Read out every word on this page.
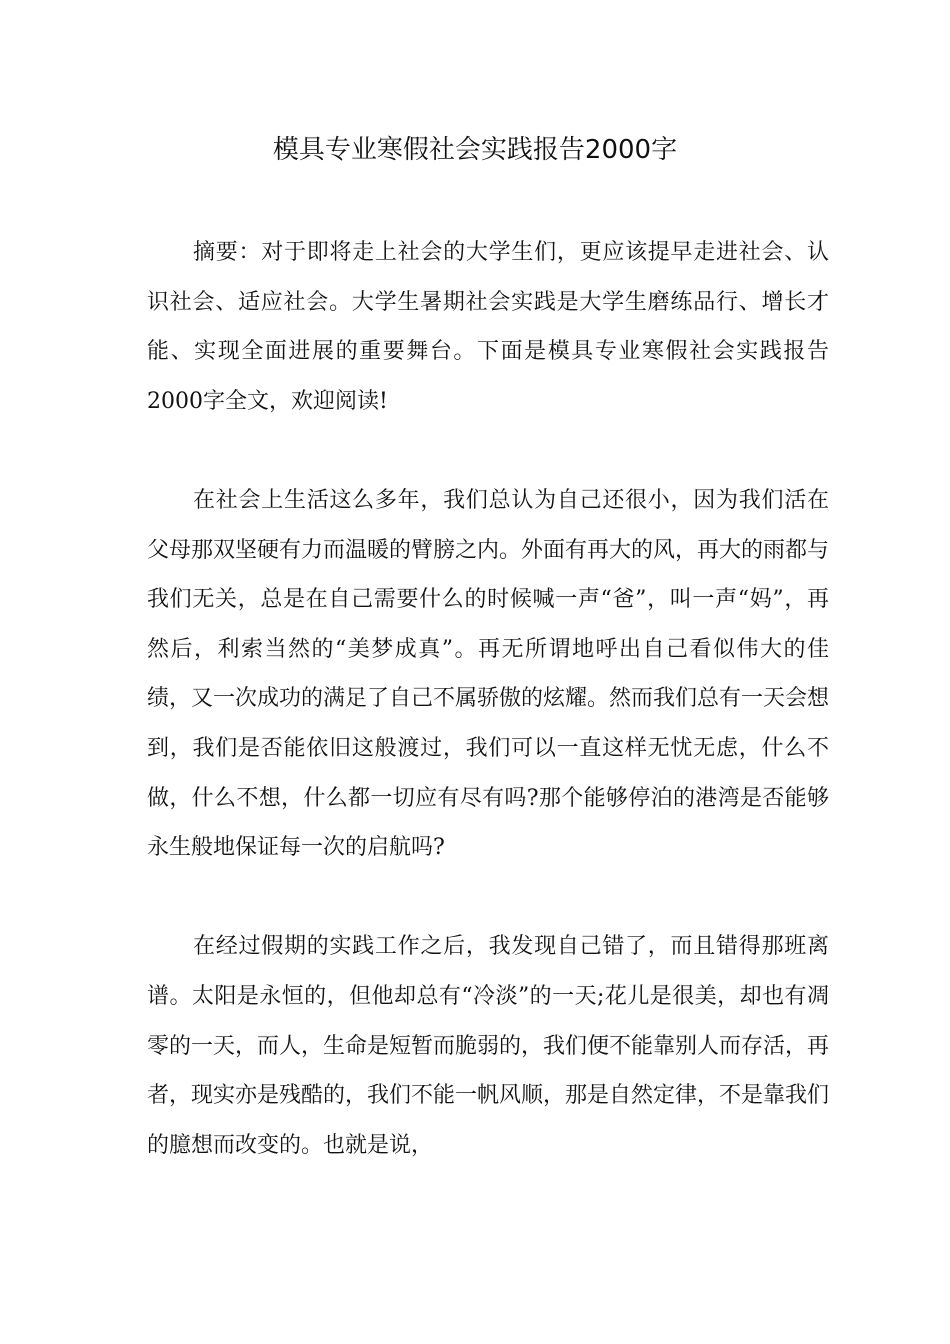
模具专业寒假社会实践报告2000字

摘要：对于即将走上社会的大学生们，更应该提早走进社会、认识社会、适应社会。大学生暑期社会实践是大学生磨练品行、增长才能、实现全面进展的重要舞台。下面是模具专业寒假社会实践报告2000字全文，欢迎阅读!

在社会上生活这么多年，我们总认为自己还很小，因为我们活在父母那双坚硬有力而温暖的臂膀之内。外面有再大的风，再大的雨都与我们无关，总是在自己需要什么的时候喊一声“爸”，叫一声“妈”，再然后，利索当然的“美梦成真”。再无所谓地呼出自己看似伟大的佳绩，又一次成功的满足了自己不属骄傲的炫耀。然而我们总有一天会想到，我们是否能依旧这般渡过，我们可以一直这样无忧无虑，什么不做，什么不想，什么都一切应有尽有吗?那个能够停泊的港湾是否能够永生般地保证每一次的启航吗?

在经过假期的实践工作之后，我发现自己错了，而且错得那班离谱。太阳是永恒的，但他却总有“冷淡”的一天;花儿是很美，却也有凋零的一天，而人，生命是短暂而脆弱的，我们便不能靠别人而存活，再者，现实亦是残酷的，我们不能一帆风顺，那是自然定律，不是靠我们的臆想而改变的。也就是说，
